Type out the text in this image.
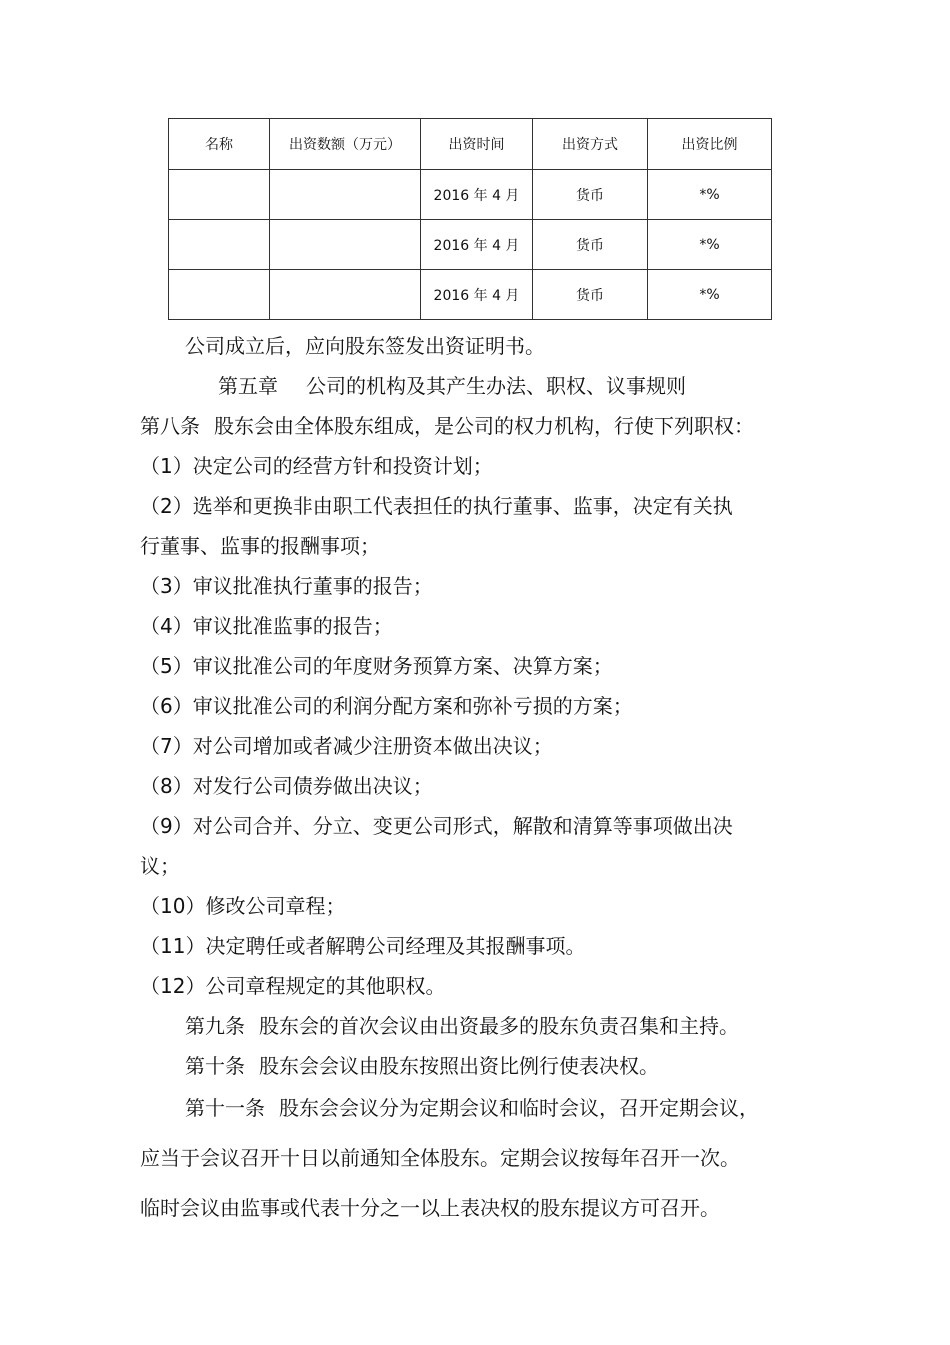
名称	出资数额（万元）	出资时间	出资方式	出资比例
		2016 年 4 月	货币	*%
		2016 年 4 月	货币	*%
		2016 年 4 月	货币	*%
公司成立后，应向股东签发出资证明书。
第五章 公司的机构及其产生办法、职权、议事规则
第八条 股东会由全体股东组成，是公司的权力机构，行使下列职权：
（1）决定公司的经营方针和投资计划；
（2）选举和更换非由职工代表担任的执行董事、监事，决定有关执
行董事、监事的报酬事项；
（3）审议批准执行董事的报告；
（4）审议批准监事的报告；
（5）审议批准公司的年度财务预算方案、决算方案；
（6）审议批准公司的利润分配方案和弥补亏损的方案；
（7）对公司增加或者减少注册资本做出决议；
（8）对发行公司债券做出决议；
（9）对公司合并、分立、变更公司形式，解散和清算等事项做出决
议；
（10）修改公司章程；
（11）决定聘任或者解聘公司经理及其报酬事项。
（12）公司章程规定的其他职权。
第九条 股东会的首次会议由出资最多的股东负责召集和主持。
第十条 股东会会议由股东按照出资比例行使表决权。
第十一条 股东会会议分为定期会议和临时会议，召开定期会议，
应当于会议召开十日以前通知全体股东。定期会议按每年召开一次。
临时会议由监事或代表十分之一以上表决权的股东提议方可召开。
